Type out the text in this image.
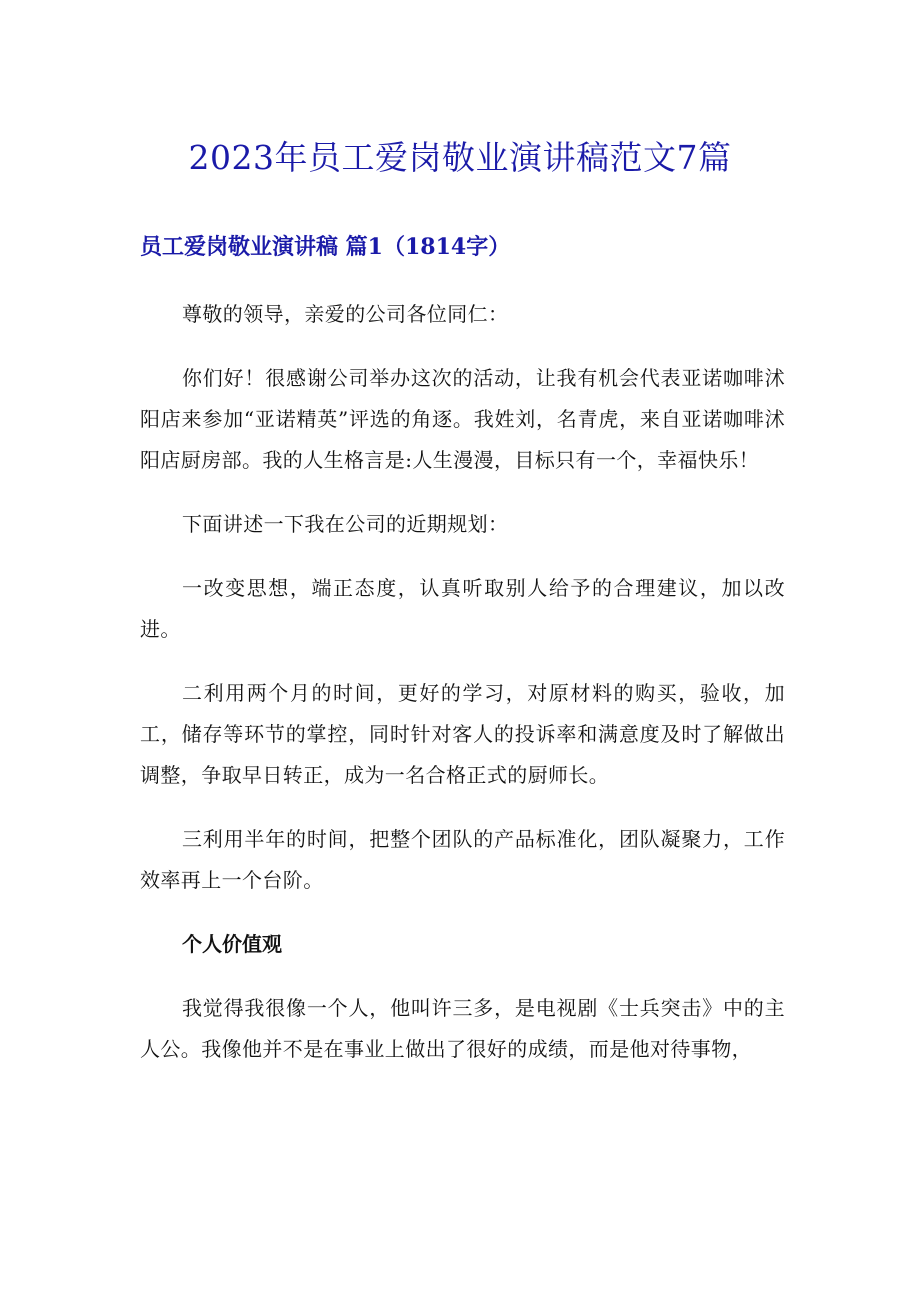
2023年员工爱岗敬业演讲稿范文7篇
员工爱岗敬业演讲稿 篇1（1814字）

尊敬的领导，亲爱的公司各位同仁：

你们好！很感谢公司举办这次的活动，让我有机会代表亚诺咖啡沭阳店来参加“亚诺精英”评选的角逐。我姓刘，名青虎，来自亚诺咖啡沭阳店厨房部。我的人生格言是:人生漫漫，目标只有一个，幸福快乐！

下面讲述一下我在公司的近期规划：

一改变思想，端正态度，认真听取别人给予的合理建议，加以改进。

二利用两个月的时间，更好的学习，对原材料的购买，验收，加工，储存等环节的掌控，同时针对客人的投诉率和满意度及时了解做出调整，争取早日转正，成为一名合格正式的厨师长。

三利用半年的时间，把整个团队的产品标准化，团队凝聚力，工作效率再上一个台阶。

个人价值观

我觉得我很像一个人，他叫许三多，是电视剧《士兵突击》中的主人公。我像他并不是在事业上做出了很好的成绩，而是他对待事物，
